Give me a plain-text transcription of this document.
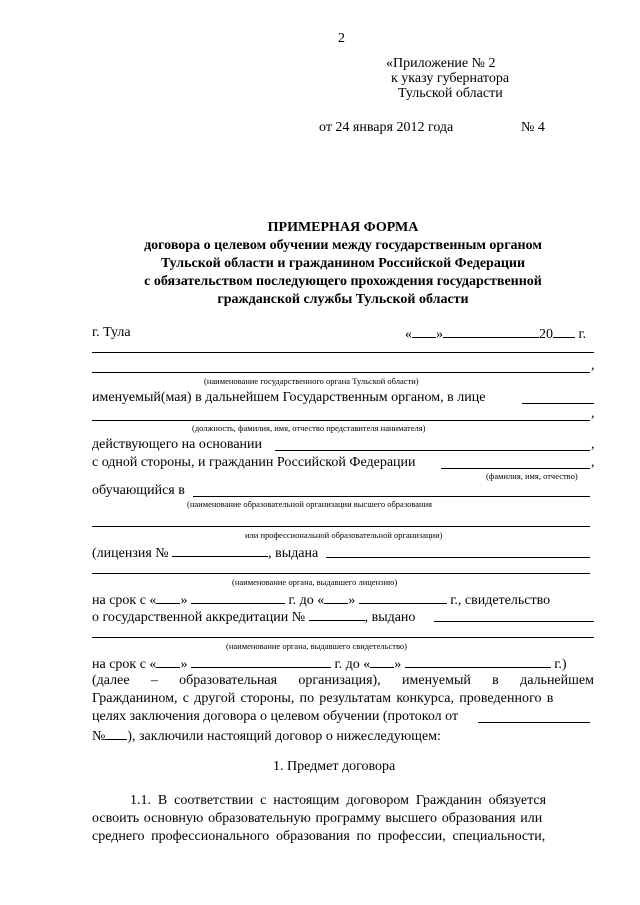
2
«Приложение № 2
к указу губернатора
Тульской области
от 24 января 2012 года	№ 4
ПРИМЕРНАЯ ФОРМА
договора о целевом обучении между государственным органом
Тульской области и гражданином Российской Федерации
с обязательством последующего прохождения государственной
гражданской службы Тульской области
г. Тула	« »	20 г.
,
(наименование государственного органа Тульской области)
именуемый(мая) в дальнейшем Государственным органом, в лице
,
(должность, фамилия, имя, отчество представителя нанимателя)
действующего на основании	,
с одной стороны, и гражданин Российской Федерации	,
(фамилия, имя, отчество)
обучающийся в
(наименование образовательной организации высшего образования
или профессиональной образовательной организации)
(лицензия №	, выдана
(наименование органа, выдавшего лицензию)
на срок с « »	г. до « »	г., свидетельство
о государственной аккредитации №	, выдано
(наименование органа, выдавшего свидетельство)
на срок с « »	г. до « »	г.)
(далее – образовательная организация), именуемый в дальнейшем
Гражданином, с другой стороны, по результатам конкурса, проведенного в
целях заключения договора о целевом обучении (протокол от
№ ), заключили настоящий договор о нижеследующем:
1. Предмет договора
1.1. В соответствии с настоящим договором Гражданин обязуется
освоить основную образовательную программу высшего образования или
среднего профессионального образования по профессии, специальности,
